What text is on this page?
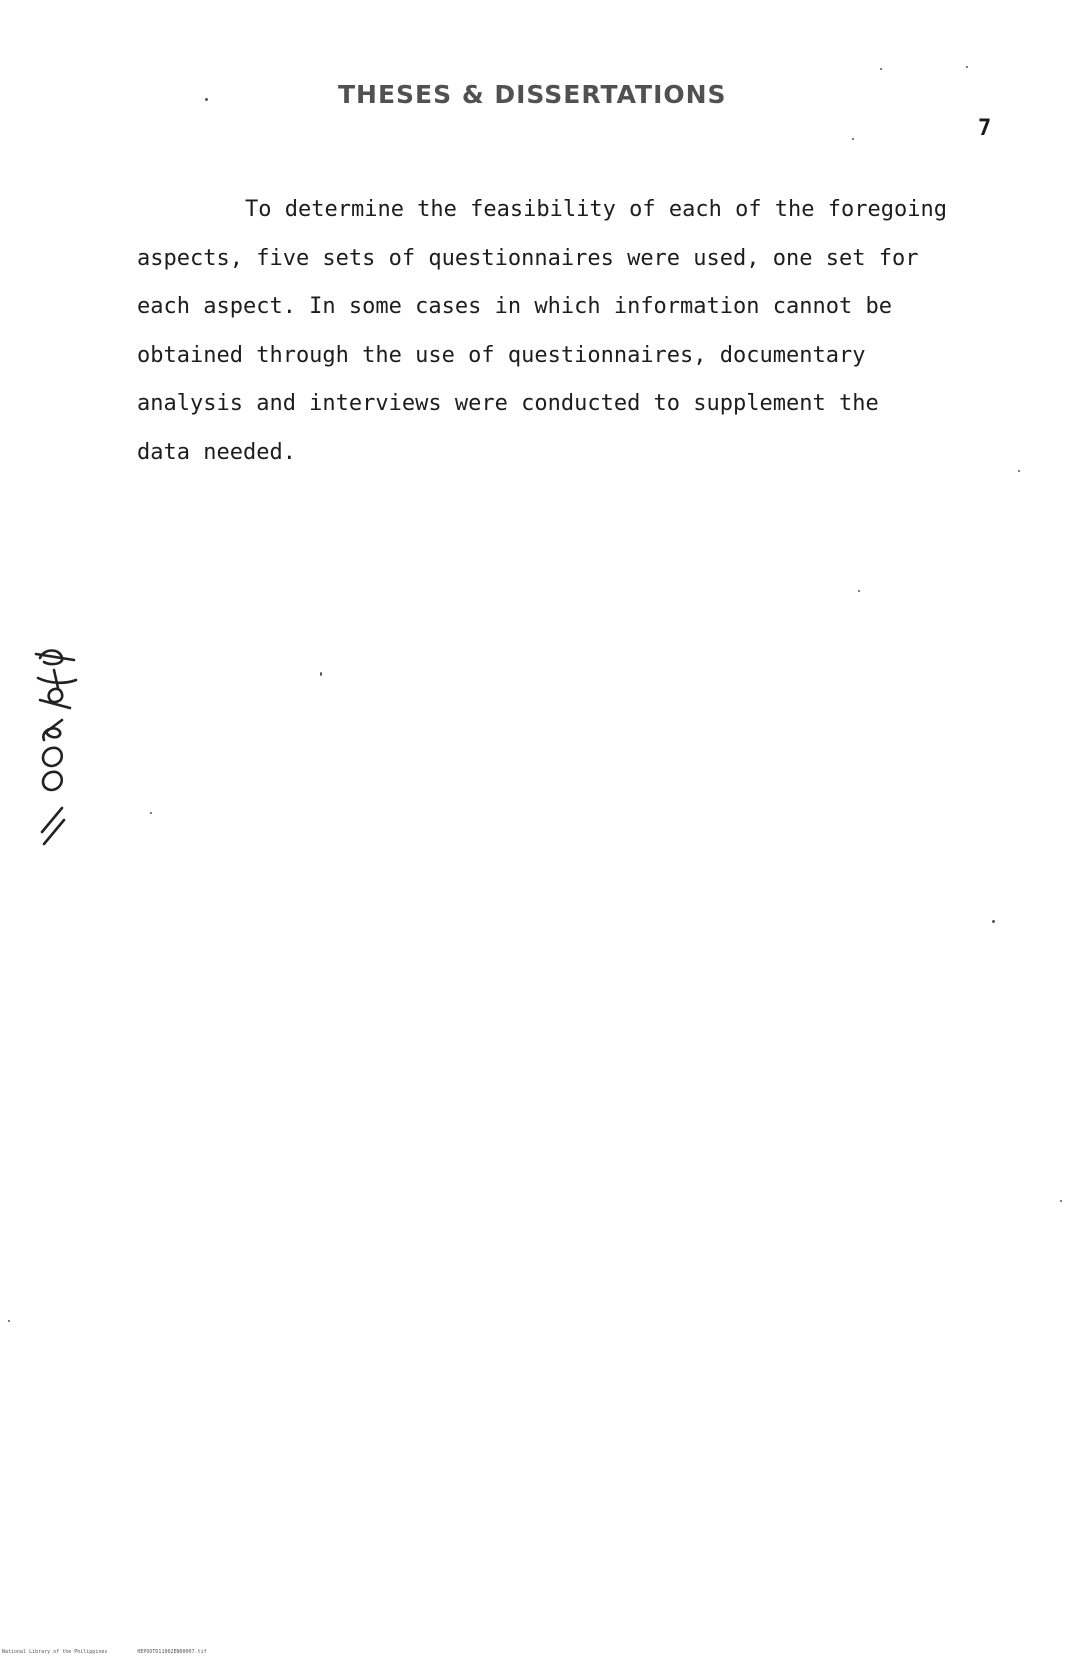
THESES & DISSERTATIONS
7
To determine the feasibility of each of the foregoing
aspects, five sets of questionnaires were used, one set for
each aspect. In some cases in which information cannot be
obtained through the use of questionnaires, documentary
analysis and interviews were conducted to supplement the
data needed.
National Library of the Philippines	HEPOOTD11002EN00007.tif
